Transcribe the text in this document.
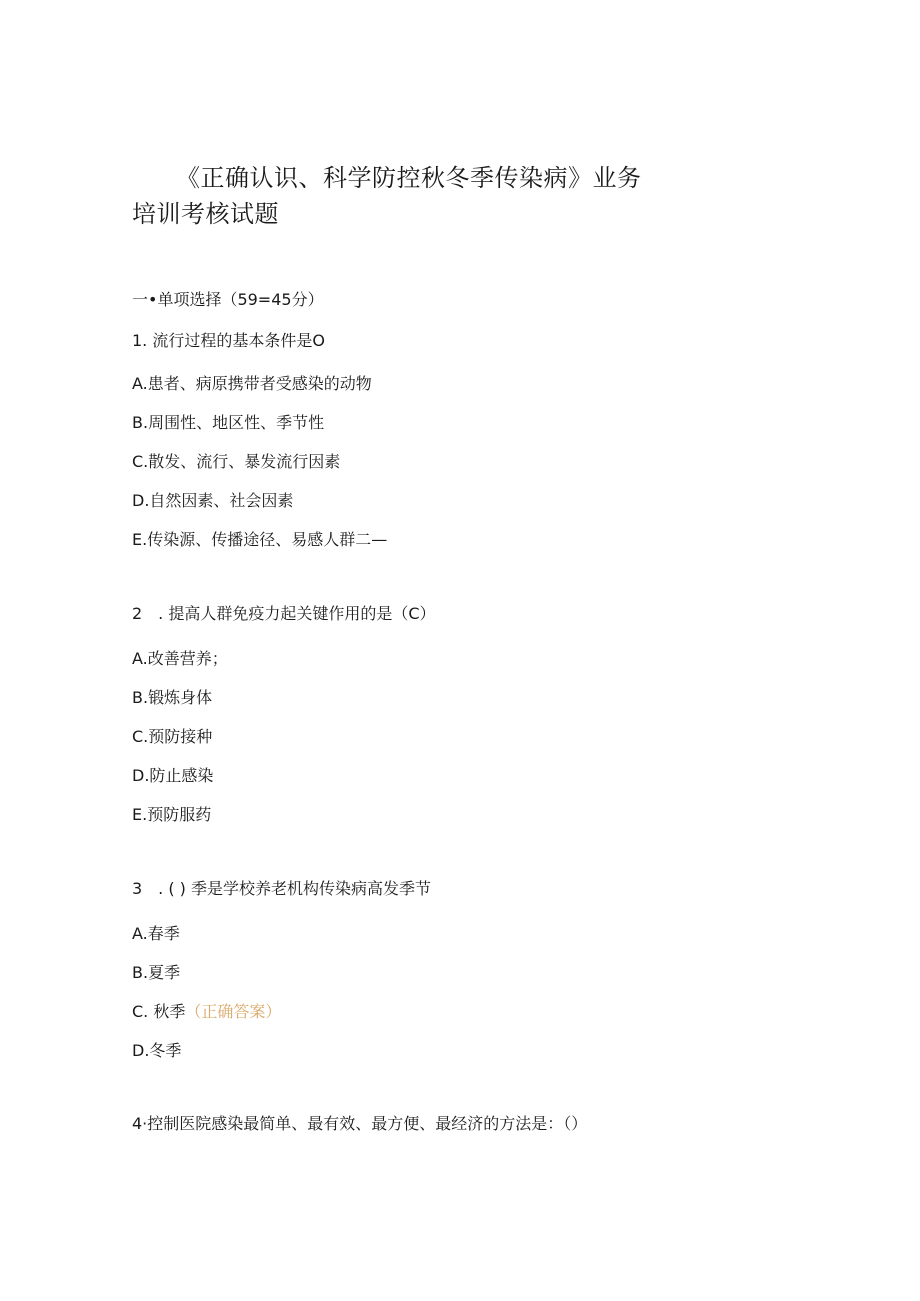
《正确认识、科学防控秋冬季传染病》业务培训考核试题
一•单项选择（59=45分）
1. 流行过程的基本条件是O
A.患者、病原携带者受感染的动物
B.周围性、地区性、季节性
C.散发、流行、暴发流行因素
D.自然因素、社会因素
E.传染源、传播途径、易感人群二—
2　. 提高人群免疫力起关键作用的是（C）
A.改善营养；
B.锻炼身体
C.预防接种
D.防止感染
E.预防服药
3　. ( ) 季是学校养老机构传染病高发季节
A.春季
B.夏季
C. 秋季（正确答案）
D.冬季
4·控制医院感染最简单、最有效、最方便、最经济的方法是：（）
